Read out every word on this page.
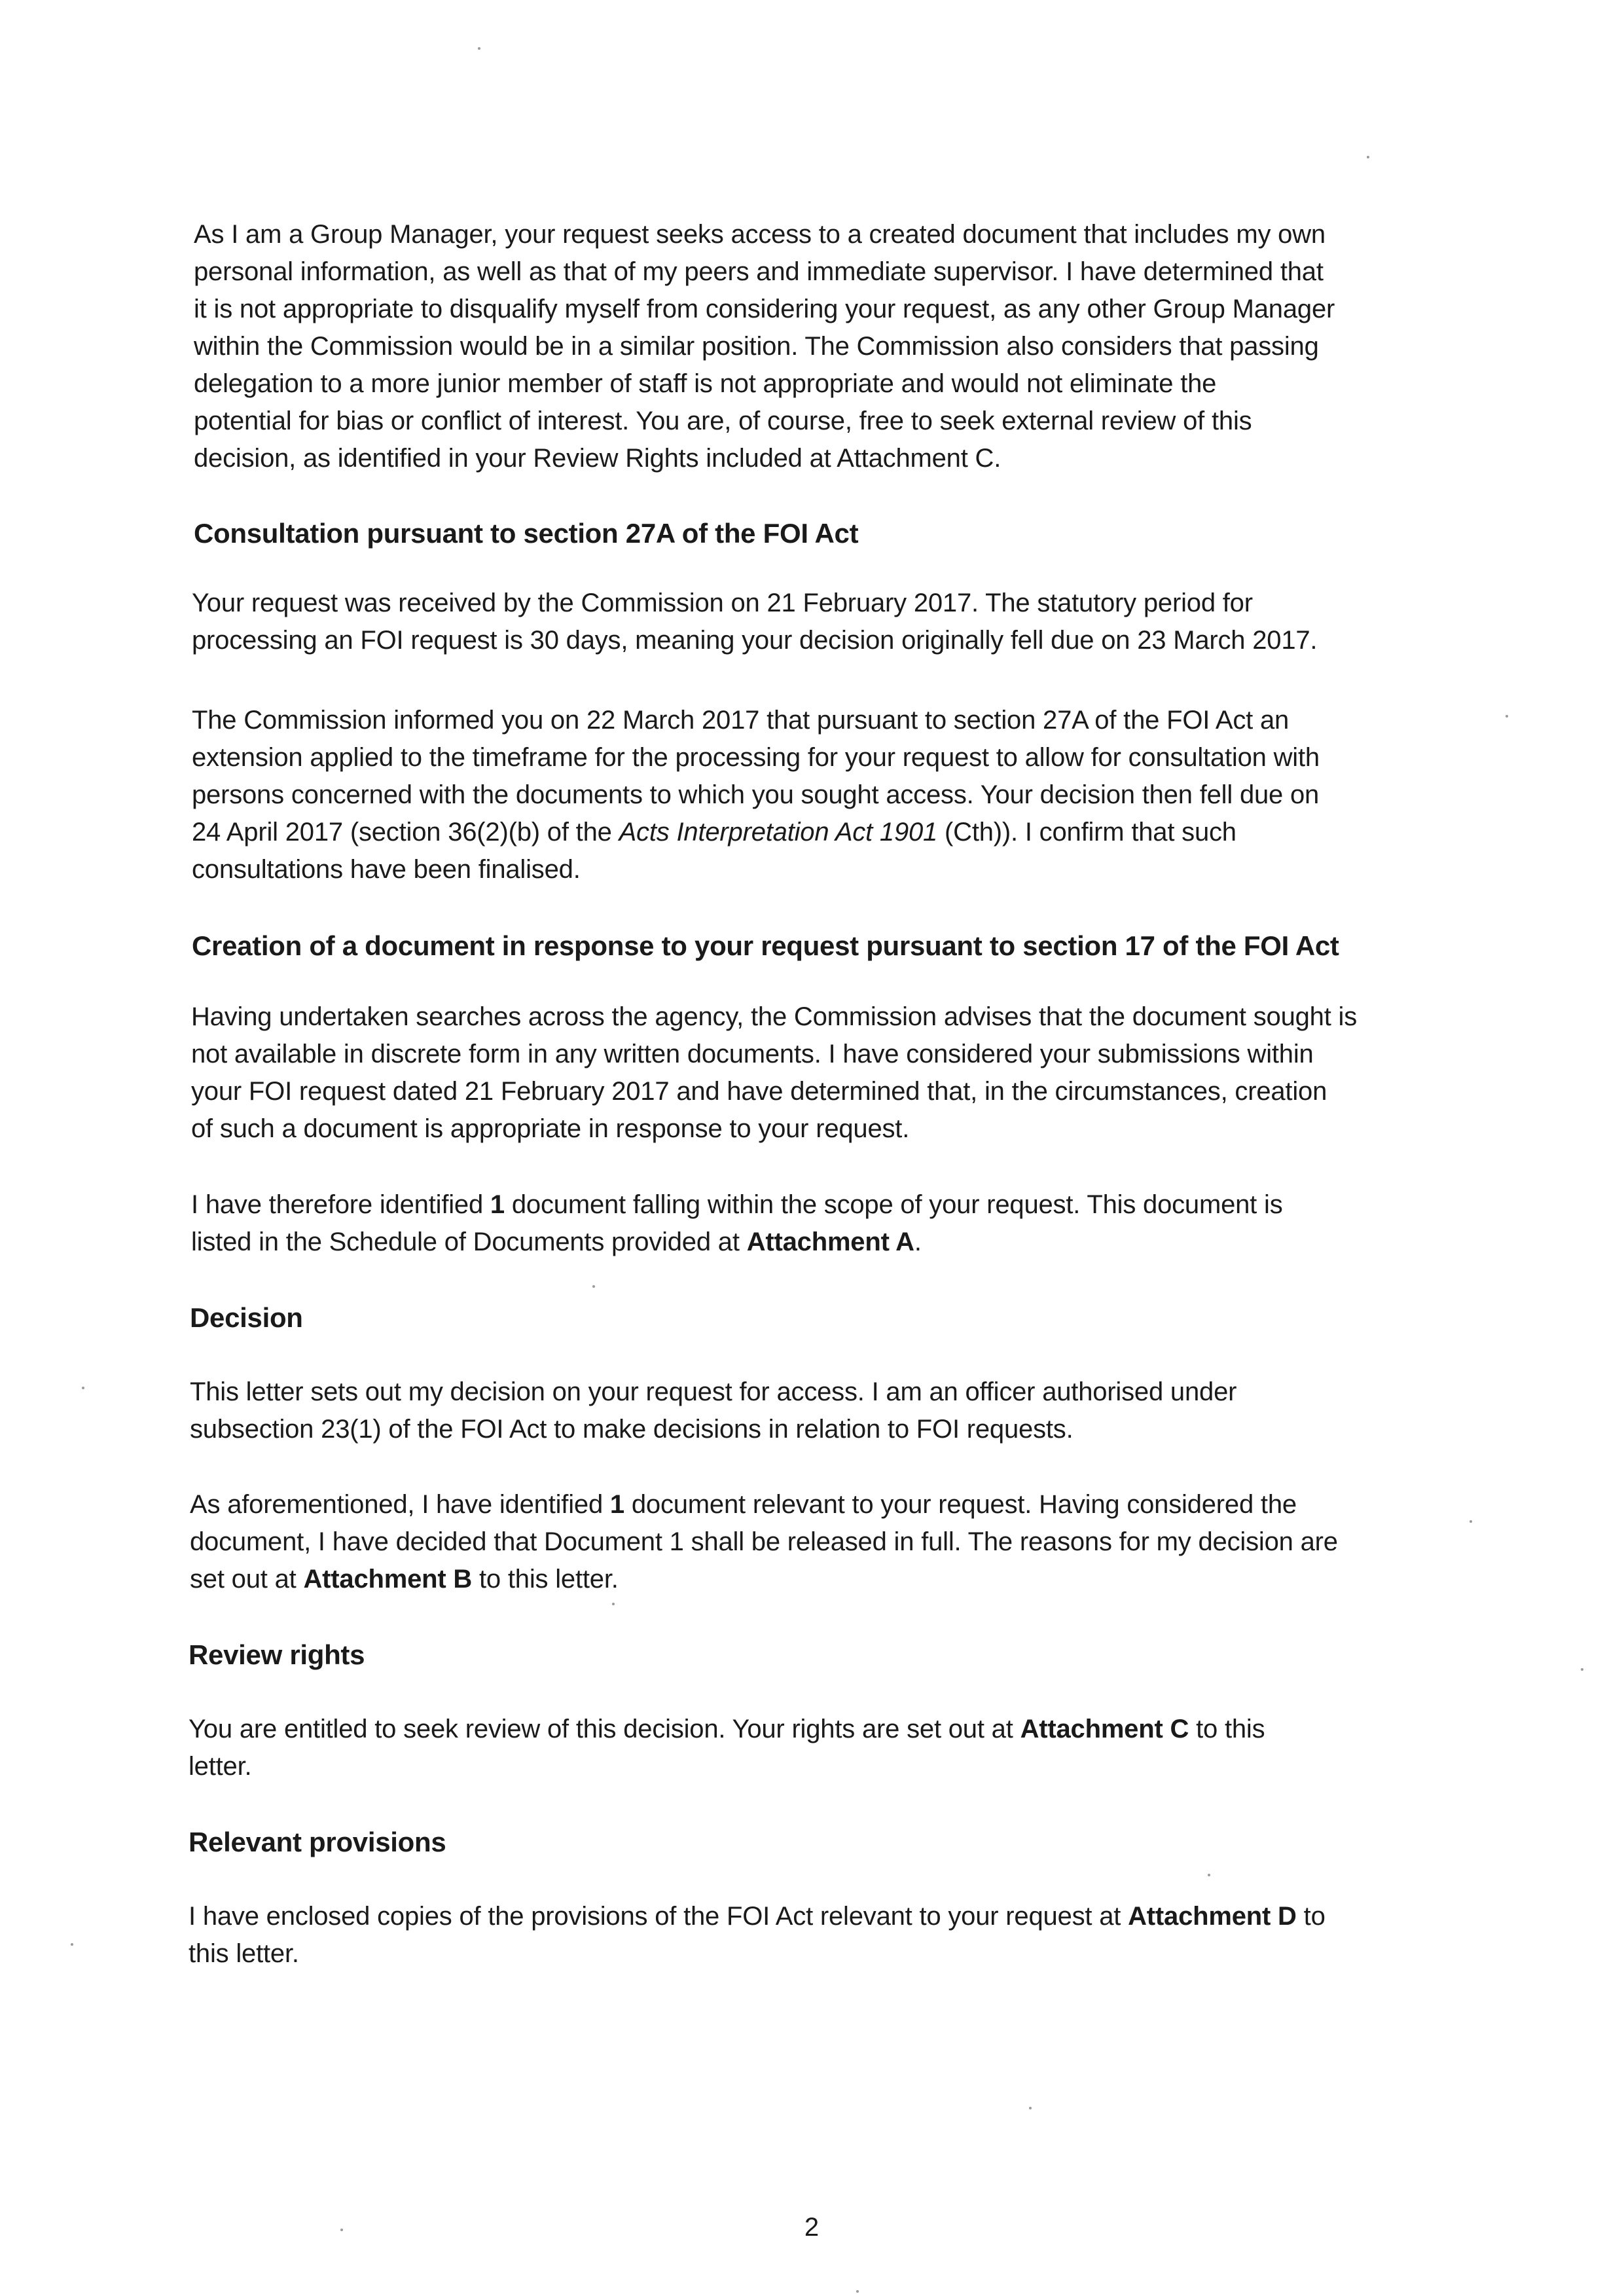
As I am a Group Manager, your request seeks access to a created document that includes my own
personal information, as well as that of my peers and immediate supervisor. I have determined that
it is not appropriate to disqualify myself from considering your request, as any other Group Manager
within the Commission would be in a similar position. The Commission also considers that passing
delegation to a more junior member of staff is not appropriate and would not eliminate the
potential for bias or conflict of interest. You are, of course, free to seek external review of this
decision, as identified in your Review Rights included at Attachment C.

Consultation pursuant to section 27A of the FOI Act

Your request was received by the Commission on 21 February 2017. The statutory period for
processing an FOI request is 30 days, meaning your decision originally fell due on 23 March 2017.

The Commission informed you on 22 March 2017 that pursuant to section 27A of the FOI Act an
extension applied to the timeframe for the processing for your request to allow for consultation with
persons concerned with the documents to which you sought access. Your decision then fell due on
24 April 2017 (section 36(2)(b) of the Acts Interpretation Act 1901 (Cth)). I confirm that such
consultations have been finalised.

Creation of a document in response to your request pursuant to section 17 of the FOI Act

Having undertaken searches across the agency, the Commission advises that the document sought is
not available in discrete form in any written documents. I have considered your submissions within
your FOI request dated 21 February 2017 and have determined that, in the circumstances, creation
of such a document is appropriate in response to your request.

I have therefore identified 1 document falling within the scope of your request. This document is
listed in the Schedule of Documents provided at Attachment A.

Decision

This letter sets out my decision on your request for access. I am an officer authorised under
subsection 23(1) of the FOI Act to make decisions in relation to FOI requests.

As aforementioned, I have identified 1 document relevant to your request. Having considered the
document, I have decided that Document 1 shall be released in full. The reasons for my decision are
set out at Attachment B to this letter.

Review rights

You are entitled to seek review of this decision. Your rights are set out at Attachment C to this
letter.

Relevant provisions

I have enclosed copies of the provisions of the FOI Act relevant to your request at Attachment D to
this letter.

2
